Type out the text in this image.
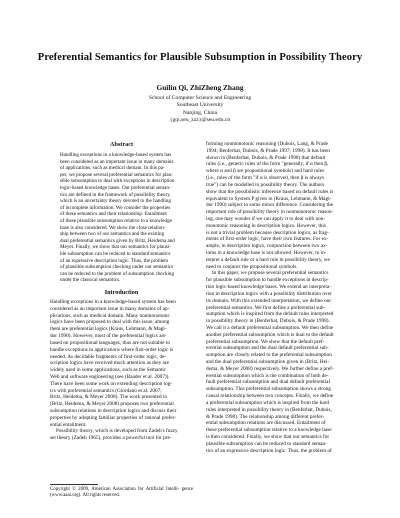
Preferential Semantics for Plausible Subsumption in Possibility Theory
Guilin Qi, ZhiZheng Zhang
School of Computer Science and Engineering
Southeast University
Nanjing, China
{gqi,seu_zzz}@seu.edu.cn
Abstract
Handling exceptions in a knowledge-based system has
been considered as an important issue in many domains
of applications, such as medical domain. In this pa-
per, we propose several preferential semantics for plau-
sible subsumption to deal with exceptions in description
logic-based knowledge bases. Our preferential seman-
tics are defined in the framework of possibility theory,
which is an uncertainty theory devoted to the handling
of incomplete information. We consider the properties
of these semantics and their relationship. Entailment
of these plausible subsumption relative to a knowledge
base is also considered. We show the close relation-
ship between two of our semantics and the existing
dual preferential semantics given by Britz, Heidema and
Meyer. Finally, we show that our semantics for plausi-
ble subsumption can be reduced to standard semantics
of an expressive description logic. Thus, the problem
of plausible subsumption checking under our semantics
can be reduced to the problem of subsumption checking
under the classical semantics.
Introduction
Handling exceptions in a knowledge-based system has been
considered as an important issue in many domains of ap-
plications, such as medical domain. Many nonmonotonic
logics have been proposed to deal with this issue, among
them are preferential logics (Kraus, Lehmann, & Magi-
dor 1990). However, most of the preferential logics are
based on propositional languages, thus are not suitable to
handle exceptions in applications where first-order logic is
needed. As decidable fragments of first-order logic, de-
scription logics have received much attention as they are
widely used in some applications, such as the Semantic
Web and software engineering (see (Baader et al. 2007)).
There have been some work on extending description log-
ics with preferential semantics (Giordano et al. 2007;
Britz, Heidema, & Meyer 2008). The work presented in
(Britz, Heidema, & Meyer 2008) proposes two preferential
subsumption relations in description logics and discuss their
properties by adopting familiar properties of rational prefer-
ential entailment.
Possibility theory, which is developed from Zadeh's fuzzy
set theory (Zadeh 1965), provides a powerful tool for pre-
Copyright © 2009, American Association for Artificial Intelli- gence (www.aaai.org). All rights reserved.
forming nonmonotonic reasoning (Dubois, Lang, & Prade
1994; Benferhat, Dubois, & Prade 1997; 1998). It has been
shown in (Benferhat, Dubois, & Prade 1998) that default
rules (i.e., generic rules of the form "generally, if α then β,
where α and β are propositional symbols) and hard rules
(i.e., rules of the form "if α is observed, then β is always
true") can be modelled in possibility theory. The authors
show that the possibilistic inference based on default rules is
equivalent to System P given in (Kraus, Lehmann, & Magi-
dor 1990) subject to some minor difference. Considering the
important role of possibility theory in nonmonotonic reason-
ing, one may wonder if we can apply it to deal with non-
monotonic reasoning in description logics. However, this
is not a trivial problem because description logics, as frag-
ments of first-order logic, have their own features. For ex-
ample, in description logics, conjunction between two ax-
ioms in a knowledge base is not allowed. However, to in-
terpret a default rule or a hard rule in possibility theory, we
need to conjunct the propositional symbols.
In this paper, we propose several preferential semantics
for plausible subsumption to handle exceptions in descrip-
tion logic-based knowledge bases. We extend an interpreta-
tion in description logics with a possibility distribution over
its domain. With this extended interpretation, we define our
preferential semantics. We first define a preferential sub-
sumption which is inspired from the default rules interpreted
in possibility theory in (Benferhat, Dubois, & Prade 1998).
We call it a default preferential subsumption. We then define
another preferential subsumption which is dual to the default
preferential subsumption. We show that the default pref-
erential subsumption and the dual default preferential sub-
sumption are closely related to the preferential subsumption
and the dual preferential subsumption given in (Britz, Hei-
dema, & Meyer 2008) respectively. We further define a pref-
erential subsumption which is the combination of both de-
fault preferential subsumption and dual default preferential
subsumption. This preferential subsumption shows a strong
causal relationship between two concepts. Finally, we define
a preferential subsumption which is inspired from the hard
rules interpreted in possibility theory in (Benferhat, Dubois,
& Prade 1998). The relationship among different prefer-
ential subsumption relations are discussed. Entailment of
these preferential subsumption relative to a knowledge base
is then considered. Finally, we show that our semantics for
plausible subsumption can be reduced to standard seman-
tics of an expressive description logic. Thus, the problem of
